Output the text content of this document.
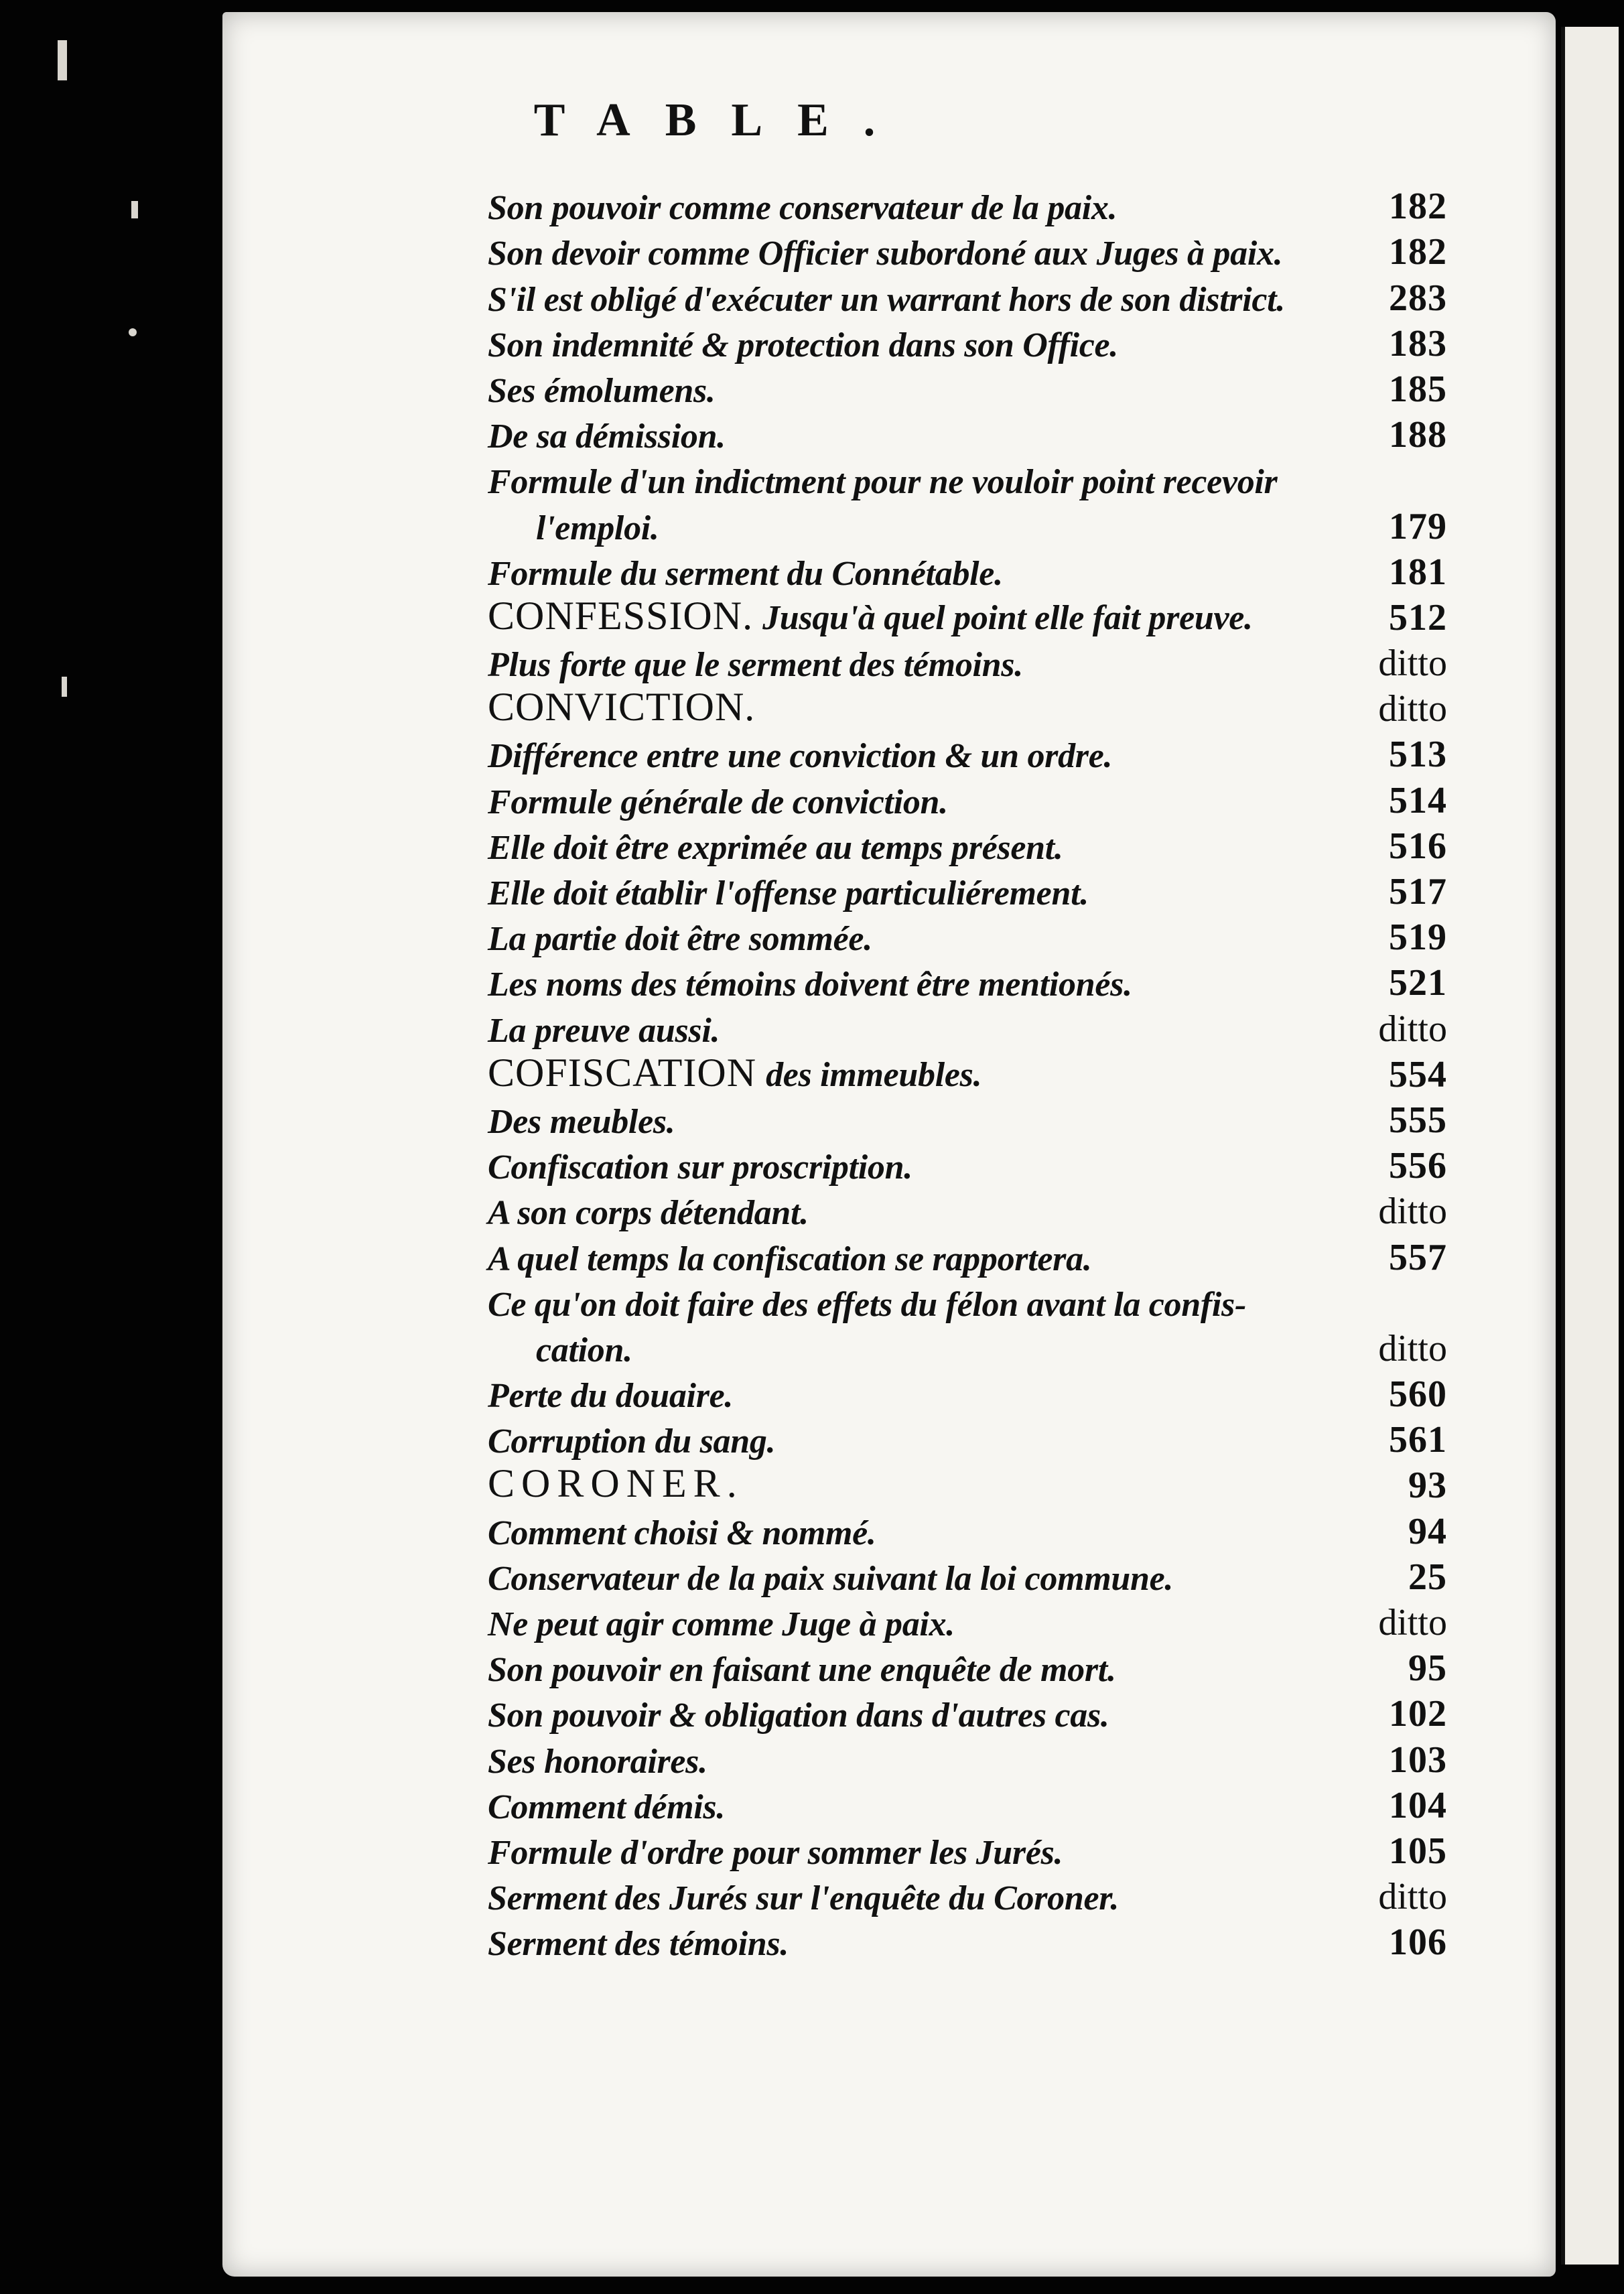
TABLE.
Son pouvoir comme conservateur de la paix.	182
Son devoir comme Officier subordoné aux Juges à paix.	182
S'il est obligé d'exécuter un warrant hors de son district.	283
Son indemnité & protection dans son Office.	183
Ses émolumens.	185
De sa démission.	188
Formule d'un indictment pour ne vouloir point recevoir
l'emploi.	179
Formule du serment du Connétable.	181
CONFESSION. Jusqu'à quel point elle fait preuve.	512
Plus forte que le serment des témoins.	ditto
CONVICTION.	ditto
Différence entre une conviction & un ordre.	513
Formule générale de conviction.	514
Elle doit être exprimée au temps présent.	516
Elle doit établir l'offense particuliérement.	517
La partie doit être sommée.	519
Les noms des témoins doivent être mentionés.	521
La preuve aussi.	ditto
COFISCATION des immeubles.	554
Des meubles.	555
Confiscation sur proscription.	556
A son corps détendant.	ditto
A quel temps la confiscation se rapportera.	557
Ce qu'on doit faire des effets du félon avant la confis-
cation.	ditto
Perte du douaire.	560
Corruption du sang.	561
CORONER.	93
Comment choisi & nommé.	94
Conservateur de la paix suivant la loi commune.	25
Ne peut agir comme Juge à paix.	ditto
Son pouvoir en faisant une enquête de mort.	95
Son pouvoir & obligation dans d'autres cas.	102
Ses honoraires.	103
Comment démis.	104
Formule d'ordre pour sommer les Jurés.	105
Serment des Jurés sur l'enquête du Coroner.	ditto
Serment des témoins.	106
